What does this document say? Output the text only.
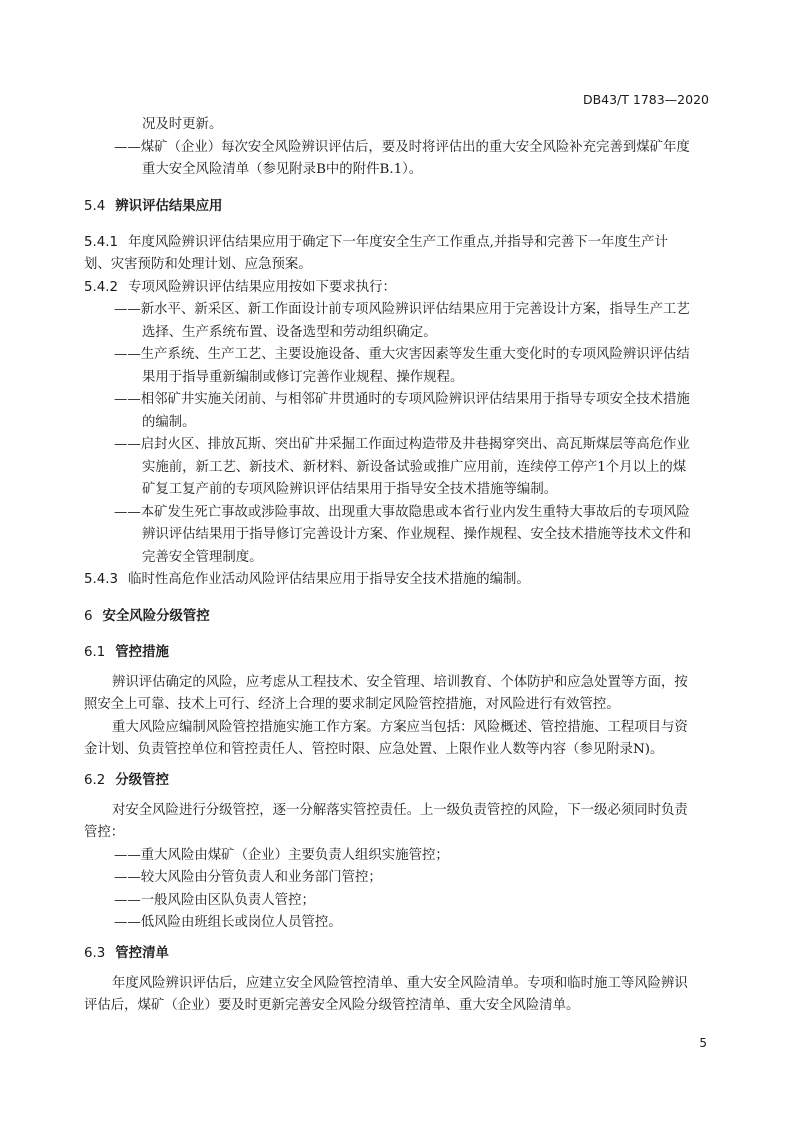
DB43/T 1783—2020
况及时更新。
——煤矿（企业）每次安全风险辨识评估后，要及时将评估出的重大安全风险补充完善到煤矿年度
重大安全风险清单（参见附录B中的附件B.1）。
5.4 辨识评估结果应用
5.4.1 年度风险辨识评估结果应用于确定下一年度安全生产工作重点,并指导和完善下一年度生产计
划、灾害预防和处理计划、应急预案。
5.4.2 专项风险辨识评估结果应用按如下要求执行：
——新水平、新采区、新工作面设计前专项风险辨识评估结果应用于完善设计方案，指导生产工艺
选择、生产系统布置、设备选型和劳动组织确定。
——生产系统、生产工艺、主要设施设备、重大灾害因素等发生重大变化时的专项风险辨识评估结
果用于指导重新编制或修订完善作业规程、操作规程。
——相邻矿井实施关闭前、与相邻矿井贯通时的专项风险辨识评估结果用于指导专项安全技术措施
的编制。
——启封火区、排放瓦斯、突出矿井采掘工作面过构造带及井巷揭穿突出、高瓦斯煤层等高危作业
实施前，新工艺、新技术、新材料、新设备试验或推广应用前，连续停工停产1个月以上的煤
矿复工复产前的专项风险辨识评估结果用于指导安全技术措施等编制。
——本矿发生死亡事故或涉险事故、出现重大事故隐患或本省行业内发生重特大事故后的专项风险
辨识评估结果用于指导修订完善设计方案、作业规程、操作规程、安全技术措施等技术文件和
完善安全管理制度。
5.4.3 临时性高危作业活动风险评估结果应用于指导安全技术措施的编制。
6 安全风险分级管控
6.1 管控措施
辨识评估确定的风险，应考虑从工程技术、安全管理、培训教育、个体防护和应急处置等方面，按
照安全上可靠、技术上可行、经济上合理的要求制定风险管控措施，对风险进行有效管控。
重大风险应编制风险管控措施实施工作方案。方案应当包括：风险概述、管控措施、工程项目与资
金计划、负责管控单位和管控责任人、管控时限、应急处置、上限作业人数等内容（参见附录N)。
6.2 分级管控
对安全风险进行分级管控，逐一分解落实管控责任。上一级负责管控的风险，下一级必须同时负责
管控：
——重大风险由煤矿（企业）主要负责人组织实施管控；
——较大风险由分管负责人和业务部门管控；
——一般风险由区队负责人管控；
——低风险由班组长或岗位人员管控。
6.3 管控清单
年度风险辨识评估后，应建立安全风险管控清单、重大安全风险清单。专项和临时施工等风险辨识
评估后，煤矿（企业）要及时更新完善安全风险分级管控清单、重大安全风险清单。
5
